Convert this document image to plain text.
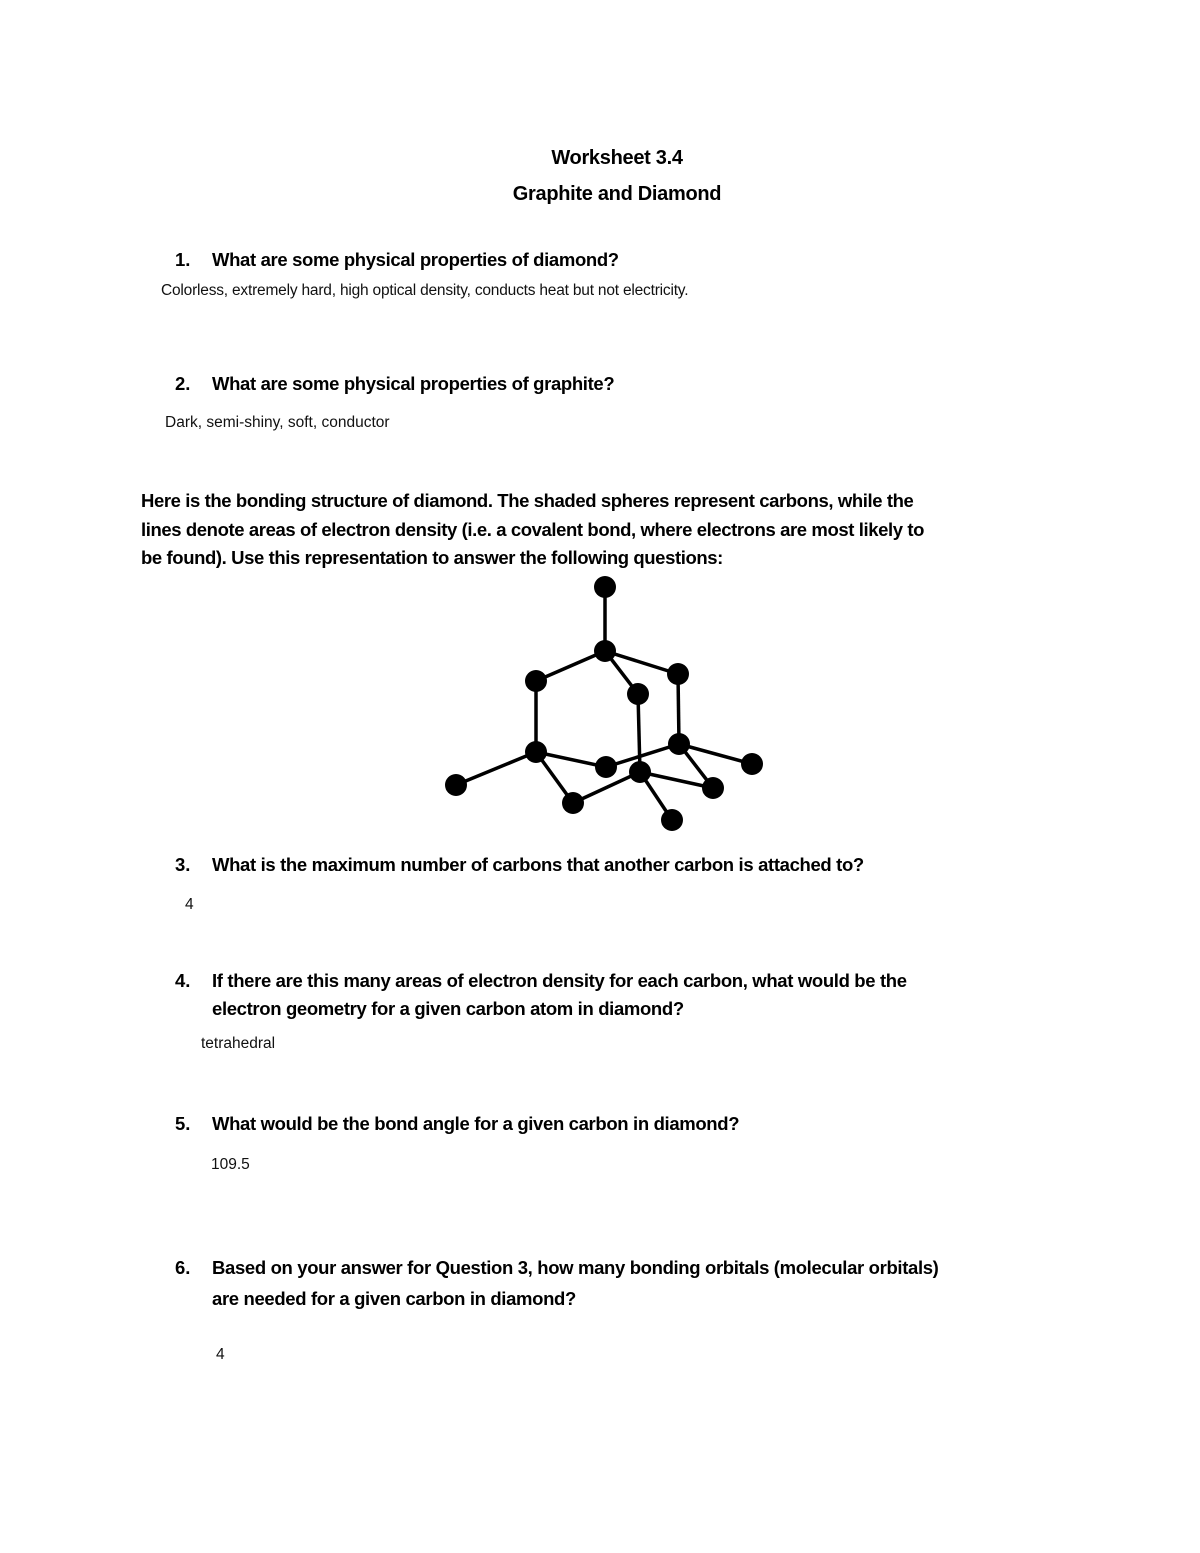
Worksheet 3.4
Graphite and Diamond
1. What are some physical properties of diamond?
Colorless, extremely hard, high optical density, conducts heat but not electricity.
2. What are some physical properties of graphite?
Dark, semi-shiny, soft, conductor
Here is the bonding structure of diamond. The shaded spheres represent carbons, while the
lines denote areas of electron density (i.e. a covalent bond, where electrons are most likely to
be found). Use this representation to answer the following questions:
3. What is the maximum number of carbons that another carbon is attached to?
4
4. If there are this many areas of electron density for each carbon, what would be the
electron geometry for a given carbon atom in diamond?
tetrahedral
5. What would be the bond angle for a given carbon in diamond?
109.5
6. Based on your answer for Question 3, how many bonding orbitals (molecular orbitals)
are needed for a given carbon in diamond?
4
